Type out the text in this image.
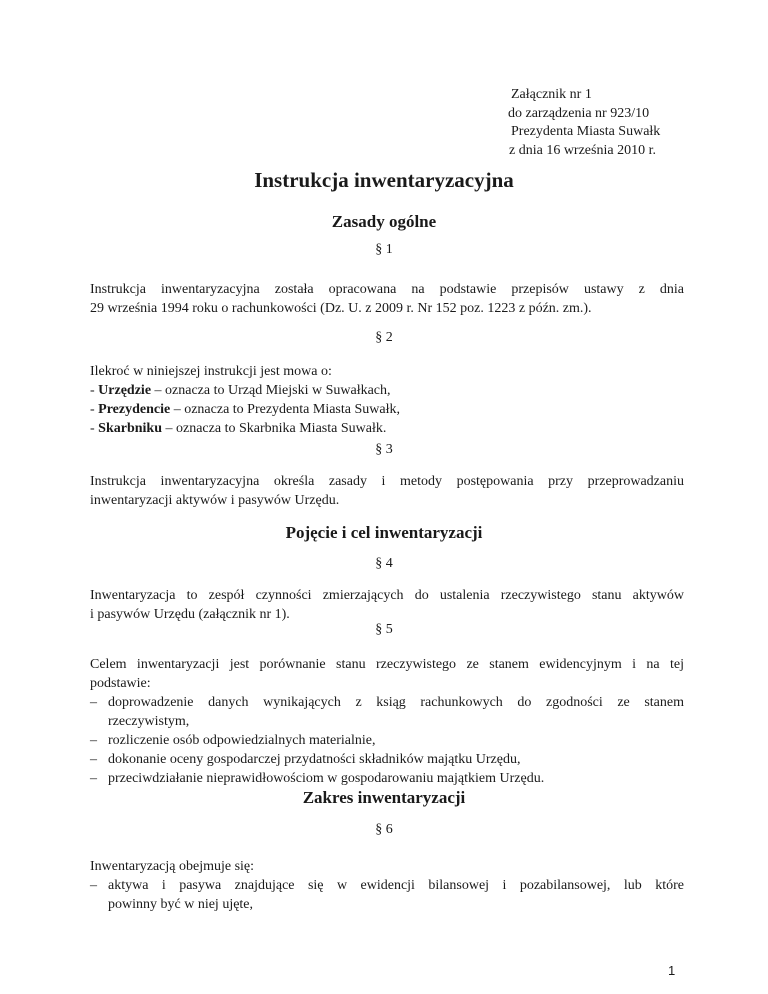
Załącznik nr 1
do zarządzenia nr 923/10
Prezydenta Miasta Suwałk
z dnia 16 września 2010 r.
Instrukcja inwentaryzacyjna
Zasady ogólne
§ 1
Instrukcja inwentaryzacyjna została opracowana na podstawie przepisów ustawy z dnia
29 września 1994 roku o rachunkowości (Dz. U. z 2009 r. Nr 152 poz. 1223 z późn. zm.).
§ 2
Ilekroć w niniejszej instrukcji jest mowa o:
- Urzędzie – oznacza to Urząd Miejski w Suwałkach,
- Prezydencie – oznacza to Prezydenta Miasta Suwałk,
- Skarbniku – oznacza to Skarbnika Miasta Suwałk.
§ 3
Instrukcja inwentaryzacyjna określa zasady i metody postępowania przy przeprowadzaniu
inwentaryzacji aktywów i pasywów Urzędu.
Pojęcie i cel inwentaryzacji
§ 4
Inwentaryzacja to zespół czynności zmierzających do ustalenia rzeczywistego stanu aktywów
i pasywów Urzędu (załącznik nr 1).
§ 5
Celem inwentaryzacji jest porównanie stanu rzeczywistego ze stanem ewidencyjnym i na tej
podstawie:
– doprowadzenie danych wynikających z ksiąg rachunkowych do zgodności ze stanem
rzeczywistym,
– rozliczenie osób odpowiedzialnych materialnie,
– dokonanie oceny gospodarczej przydatności składników majątku Urzędu,
– przeciwdziałanie nieprawidłowościom w gospodarowaniu majątkiem Urzędu.
Zakres inwentaryzacji
§ 6
Inwentaryzacją obejmuje się:
– aktywa i pasywa znajdujące się w ewidencji bilansowej i pozabilansowej, lub które
powinny być w niej ujęte,
1
